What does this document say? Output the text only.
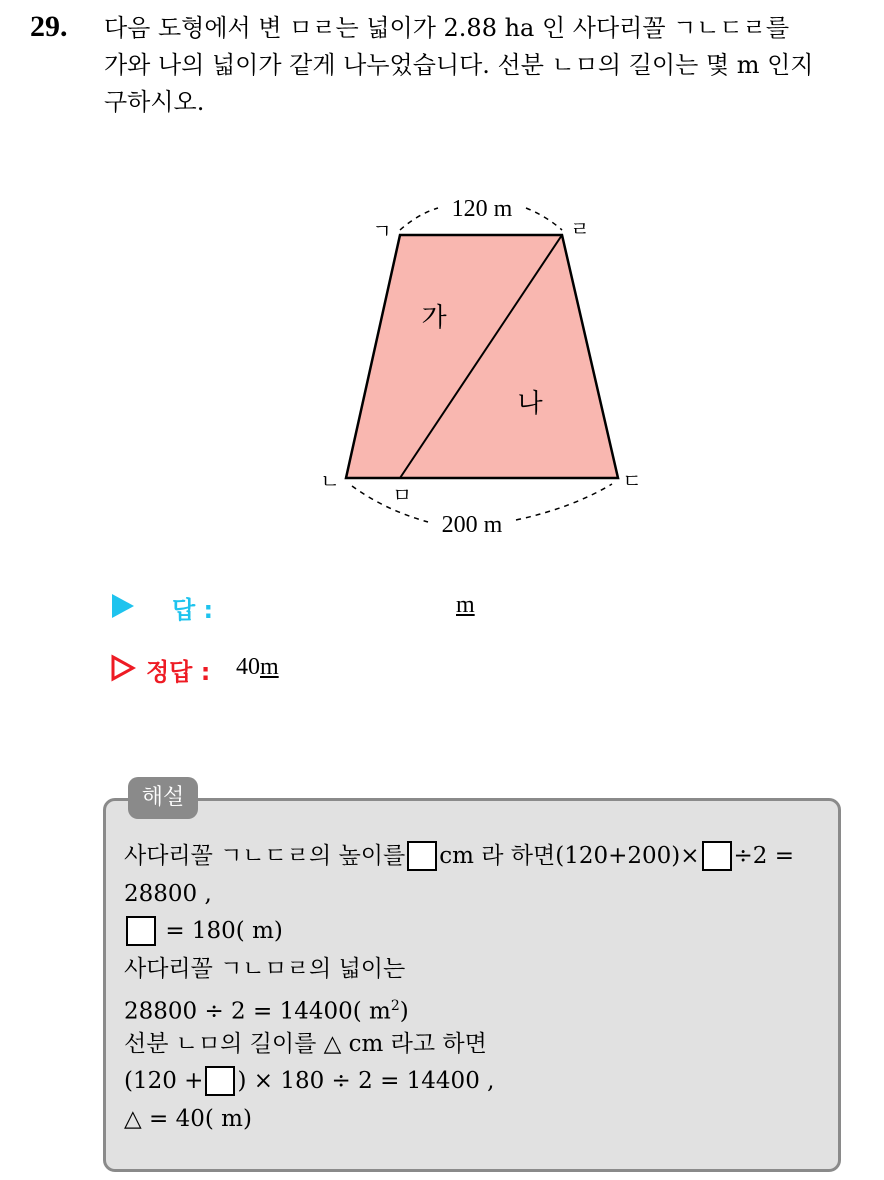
29. 다음 도형에서 변 ㅁㄹ는 넓이가 2.88 ha 인 사다리꼴 ㄱㄴㄷㄹ를
가와 나의 넓이가 같게 나누었습니다. 선분 ㄴㅁ의 길이는 몇 m 인지
구하시오.
120 m
200 m
ㄱ	ㄹ
ㄴ	ㄷ
ㅁ
가
나
답 :	m
정답 : 40m
해설
사다리꼴 ㄱㄴㄷㄹ의 높이를 cm 라 하면(120+200)× ÷2 =
28800 ,
= 180( m)
사다리꼴 ㄱㄴㅁㄹ의 넓이는
28800 ÷ 2 = 14400( $m^2$)
선분 ㄴㅁ의 길이를 △ cm 라고 하면
(120 + ) × 180 ÷ 2 = 14400 ,
△ = 40( m)
